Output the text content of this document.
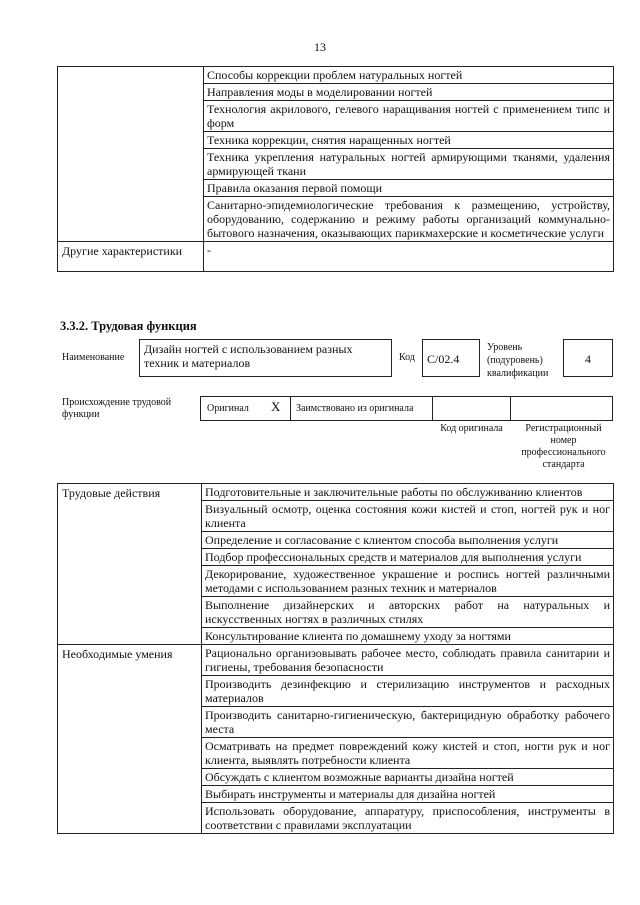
13
	Способы коррекции проблем натуральных ногтей
	Направления моды в моделировании ногтей
	Технология акрилового, гелевого наращивания ногтей с применением типс и форм
	Техника коррекции, снятия наращенных ногтей
	Техника укрепления натуральных ногтей армирующими тканями, удаления армирующей ткани
	Правила оказания первой помощи
	Санитарно-эпидемиологические требования к размещению, устройству, оборудованию, содержанию и режиму работы организаций коммунально-бытового назначения, оказывающих парикмахерские и косметические услуги
Другие характеристики	-
3.3.2. Трудовая функция
Наименование
Дизайн ногтей с использованием разных техник и материалов	Код	C/02.4
Уровень (подуровень) квалификации
4
Происхождение трудовой функции
Оригинал X Заимствовано из оригинала
Код оригинала	Регистрационный номер профессионального стандарта
Трудовые действия	Подготовительные и заключительные работы по обслуживанию клиентов
	Визуальный осмотр, оценка состояния кожи кистей и стоп, ногтей рук и ног клиента
	Определение и согласование с клиентом способа выполнения услуги
	Подбор профессиональных средств и материалов для выполнения услуги
	Декорирование, художественное украшение и роспись ногтей различными методами с использованием разных техник и материалов
	Выполнение дизайнерских и авторских работ на натуральных и искусственных ногтях в различных стилях
	Консультирование клиента по домашнему уходу за ногтями
Необходимые умения	Рационально организовывать рабочее место, соблюдать правила санитарии и гигиены, требования безопасности
	Производить дезинфекцию и стерилизацию инструментов и расходных материалов
	Производить санитарно-гигиеническую, бактерицидную обработку рабочего места
	Осматривать на предмет повреждений кожу кистей и стоп, ногти рук и ног клиента, выявлять потребности клиента
	Обсуждать с клиентом возможные варианты дизайна ногтей
	Выбирать инструменты и материалы для дизайна ногтей
	Использовать оборудование, аппаратуру, приспособления, инструменты в соответствии с правилами эксплуатации
